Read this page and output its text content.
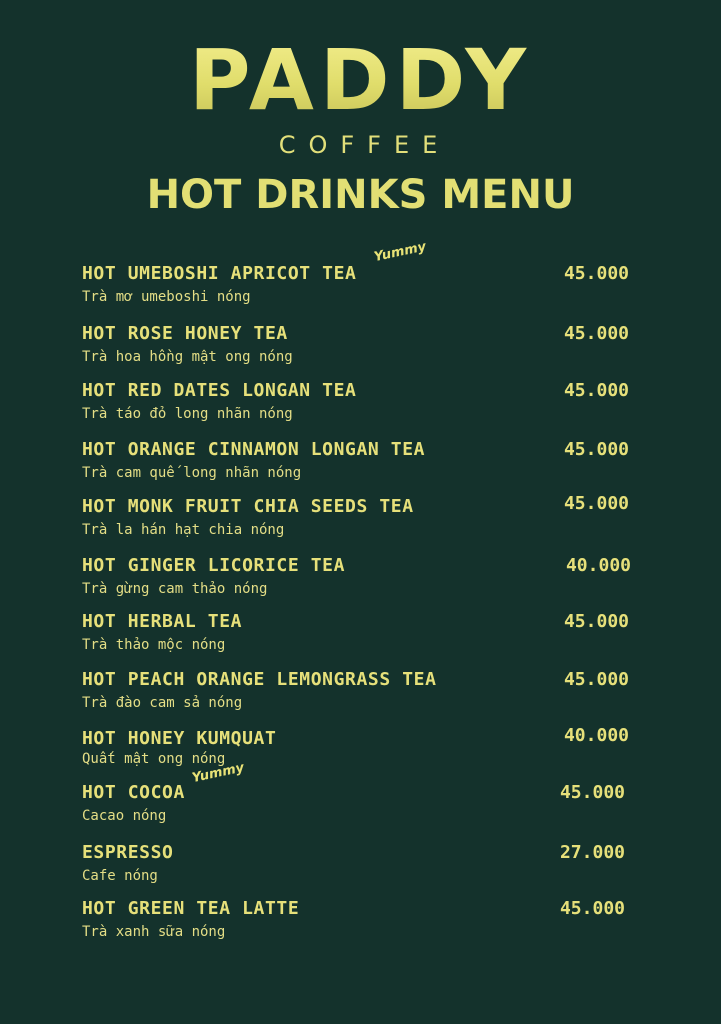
PADDY
COFFEE
HOT DRINKS MENU
HOT UMEBOSHI APRICOT TEA
Yummy
Trà mơ umeboshi nóng
45.000
HOT ROSE HONEY TEA
Trà hoa hồng mật ong nóng
45.000
HOT RED DATES LONGAN TEA
Trà táo đỏ long nhãn nóng
45.000
HOT ORANGE CINNAMON LONGAN TEA
Trà cam quế long nhãn nóng
45.000
HOT MONK FRUIT CHIA SEEDS TEA
Trà la hán hạt chia nóng
45.000
HOT GINGER LICORICE TEA
Trà gừng cam thảo nóng
40.000
HOT HERBAL TEA
Trà thảo mộc nóng
45.000
HOT PEACH ORANGE LEMONGRASS TEA
Trà đào cam sả nóng
45.000
HOT HONEY KUMQUAT
Quất mật ong nóng
40.000
HOT COCOA
Yummy
Cacao nóng
45.000
ESPRESSO
Cafe nóng
27.000
HOT GREEN TEA LATTE
Trà xanh sữa nóng
45.000
